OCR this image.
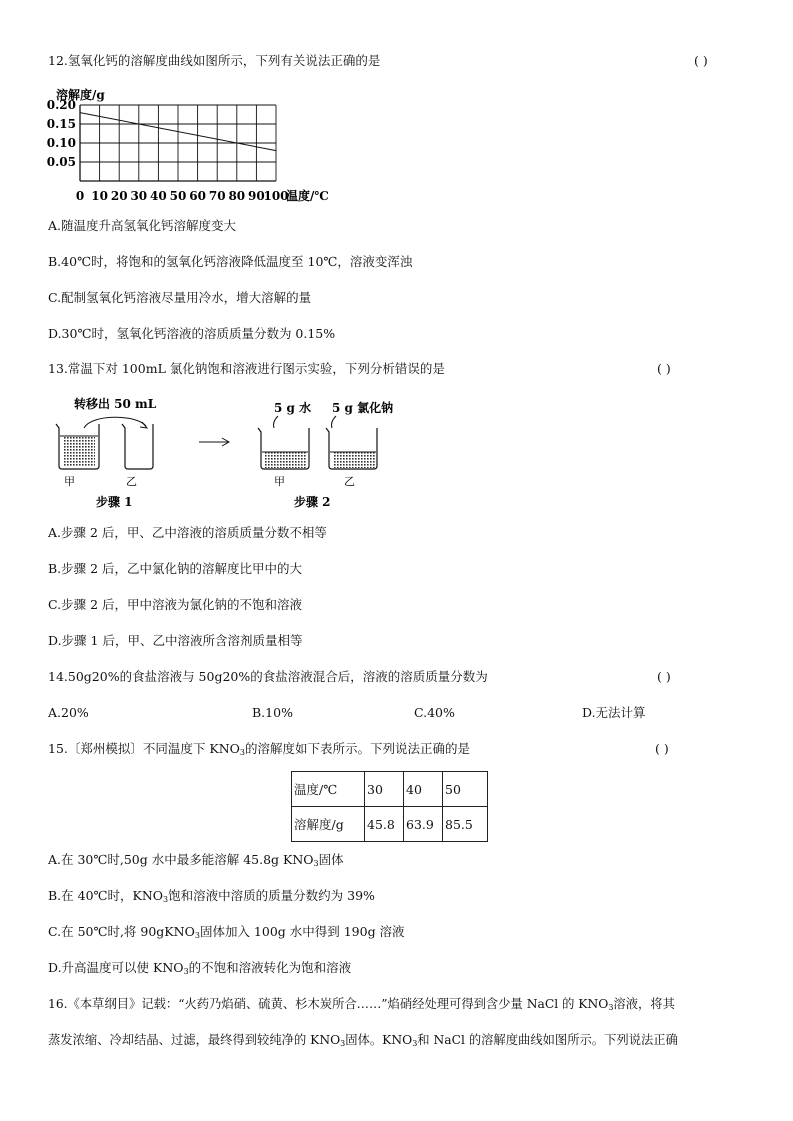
12.氢氧化钙的溶解度曲线如图所示，下列有关说法正确的是	( )
溶解度/g
0.20
0.15
0.10
0.05
0 10 20 30 40 50 60 70 80 90
100
温度/℃
A.随温度升高氢氧化钙溶解度变大
B.40℃时，将饱和的氢氧化钙溶液降低温度至 10℃，溶液变浑浊
C.配制氢氧化钙溶液尽量用冷水，增大溶解的量
D.30℃时，氢氧化钙溶液的溶质质量分数为 0.15%
13.常温下对 100mL 氯化钠饱和溶液进行图示实验，下列分析错误的是	( )
转移出 50 mL
甲	乙
步骤 1
5 g 水 5 g 氯化钠
甲	乙
步骤 2
A.步骤 2 后，甲、乙中溶液的溶质质量分数不相等
B.步骤 2 后，乙中氯化钠的溶解度比甲中的大
C.步骤 2 后，甲中溶液为氯化钠的不饱和溶液
D.步骤 1 后，甲、乙中溶液所含溶剂质量相等
14.50g20%的食盐溶液与 50g20%的食盐溶液混合后，溶液的溶质质量分数为	( )
A.20%	B.10%	C.40%	D.无法计算
15.〔郑州模拟〕不同温度下 $KNO_3$的溶解度如下表所示。下列说法正确的是	( )
温度/℃	30	40	50
溶解度/g	45.8	63.9	85.5
A.在 30℃时,50g 水中最多能溶解 45.8g $KNO_3$固体
B.在 40℃时，$KNO_3$饱和溶液中溶质的质量分数约为 39%
C.在 50℃时,将 90gKNO$_3$固体加入 100g 水中得到 190g 溶液
D.升高温度可以使 $KNO_3$的不饱和溶液转化为饱和溶液
16.《本草纲目》记载：“火药乃焰硝、硫黄、杉木炭所合……”焰硝经处理可得到含少量 NaCl 的 $KNO_3$溶液，将其
蒸发浓缩、冷却结晶、过滤，最终得到较纯净的 $KNO_3$固体。$KNO_3$和 NaCl 的溶解度曲线如图所示。下列说法正确
